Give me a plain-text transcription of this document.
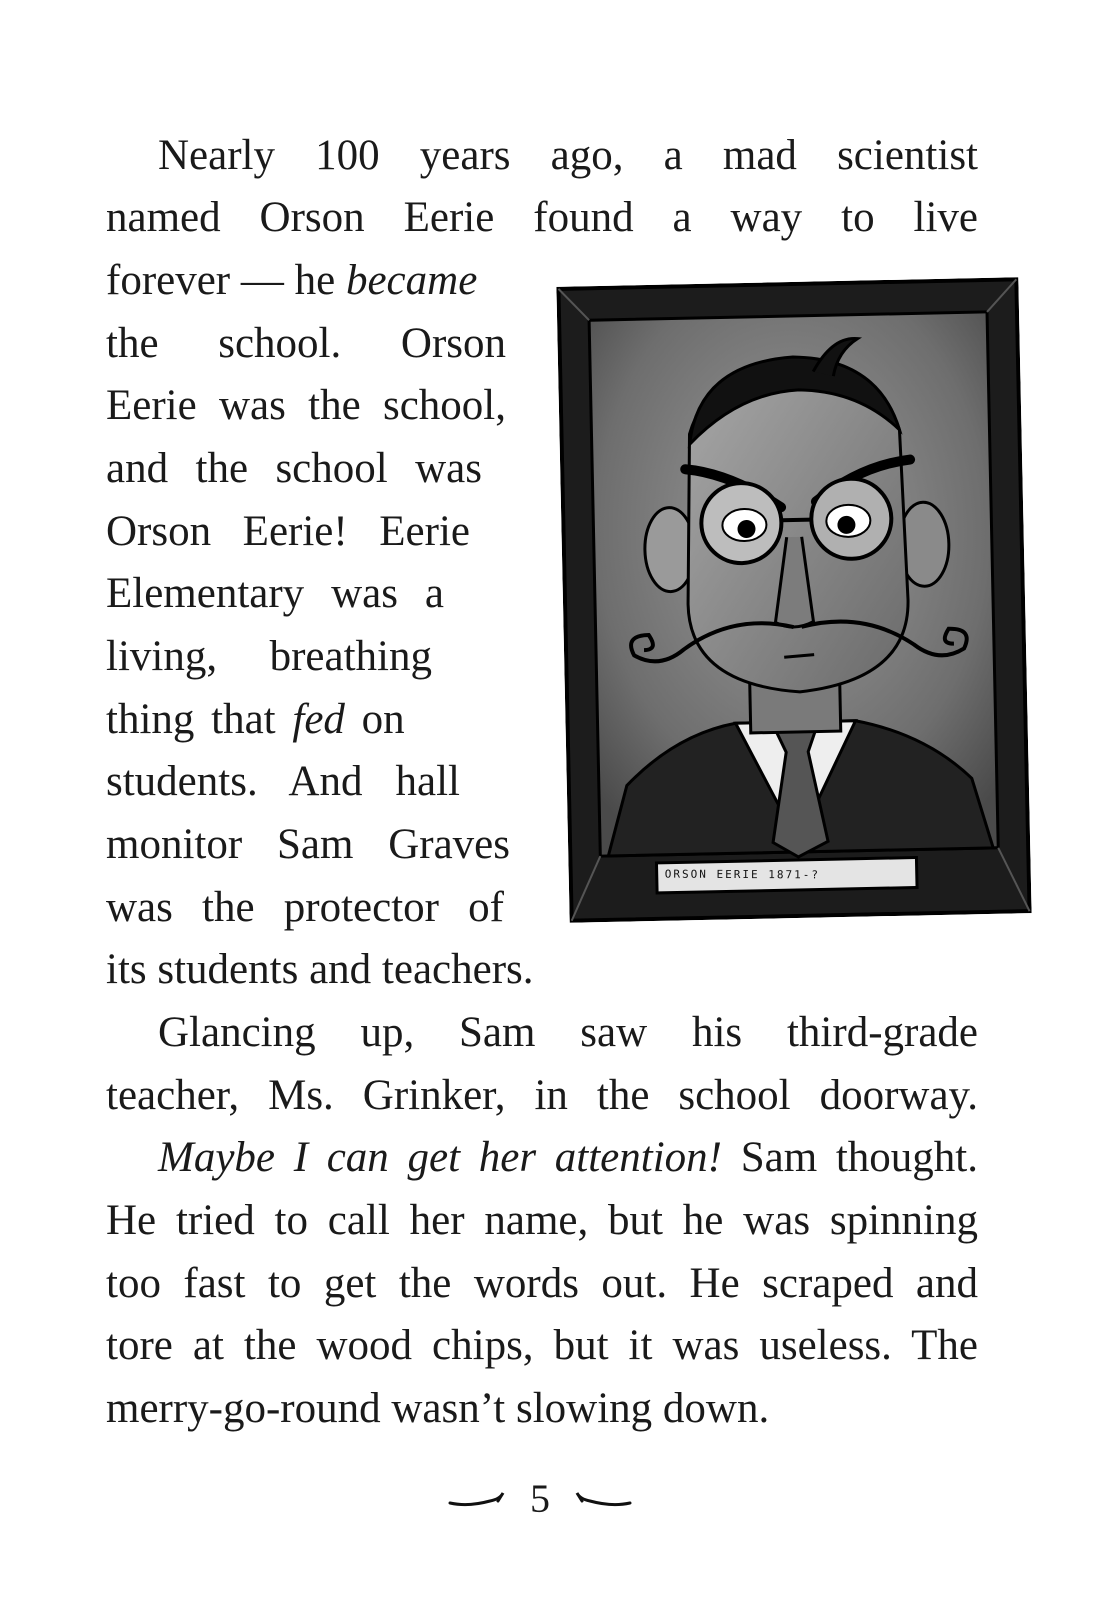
Nearly 100 years ago, a mad scientist
named Orson Eerie found a way to live
forever — he became
the school. Orson
Eerie was the school,
and the school was
Orson Eerie! Eerie
Elementary was a
living, breathing
thing that fed on
students. And hall
monitor Sam Graves
was the protector of
its students and teachers.
Glancing up, Sam saw his third-grade
teacher, Ms. Grinker, in the school doorway.
Maybe I can get her attention! Sam thought.
He tried to call her name, but he was spinning
too fast to get the words out. He scraped and
tore at the wood chips, but it was useless. The
merry-go-round wasn’t slowing down.
ORSON EERIE 1871-?
5
